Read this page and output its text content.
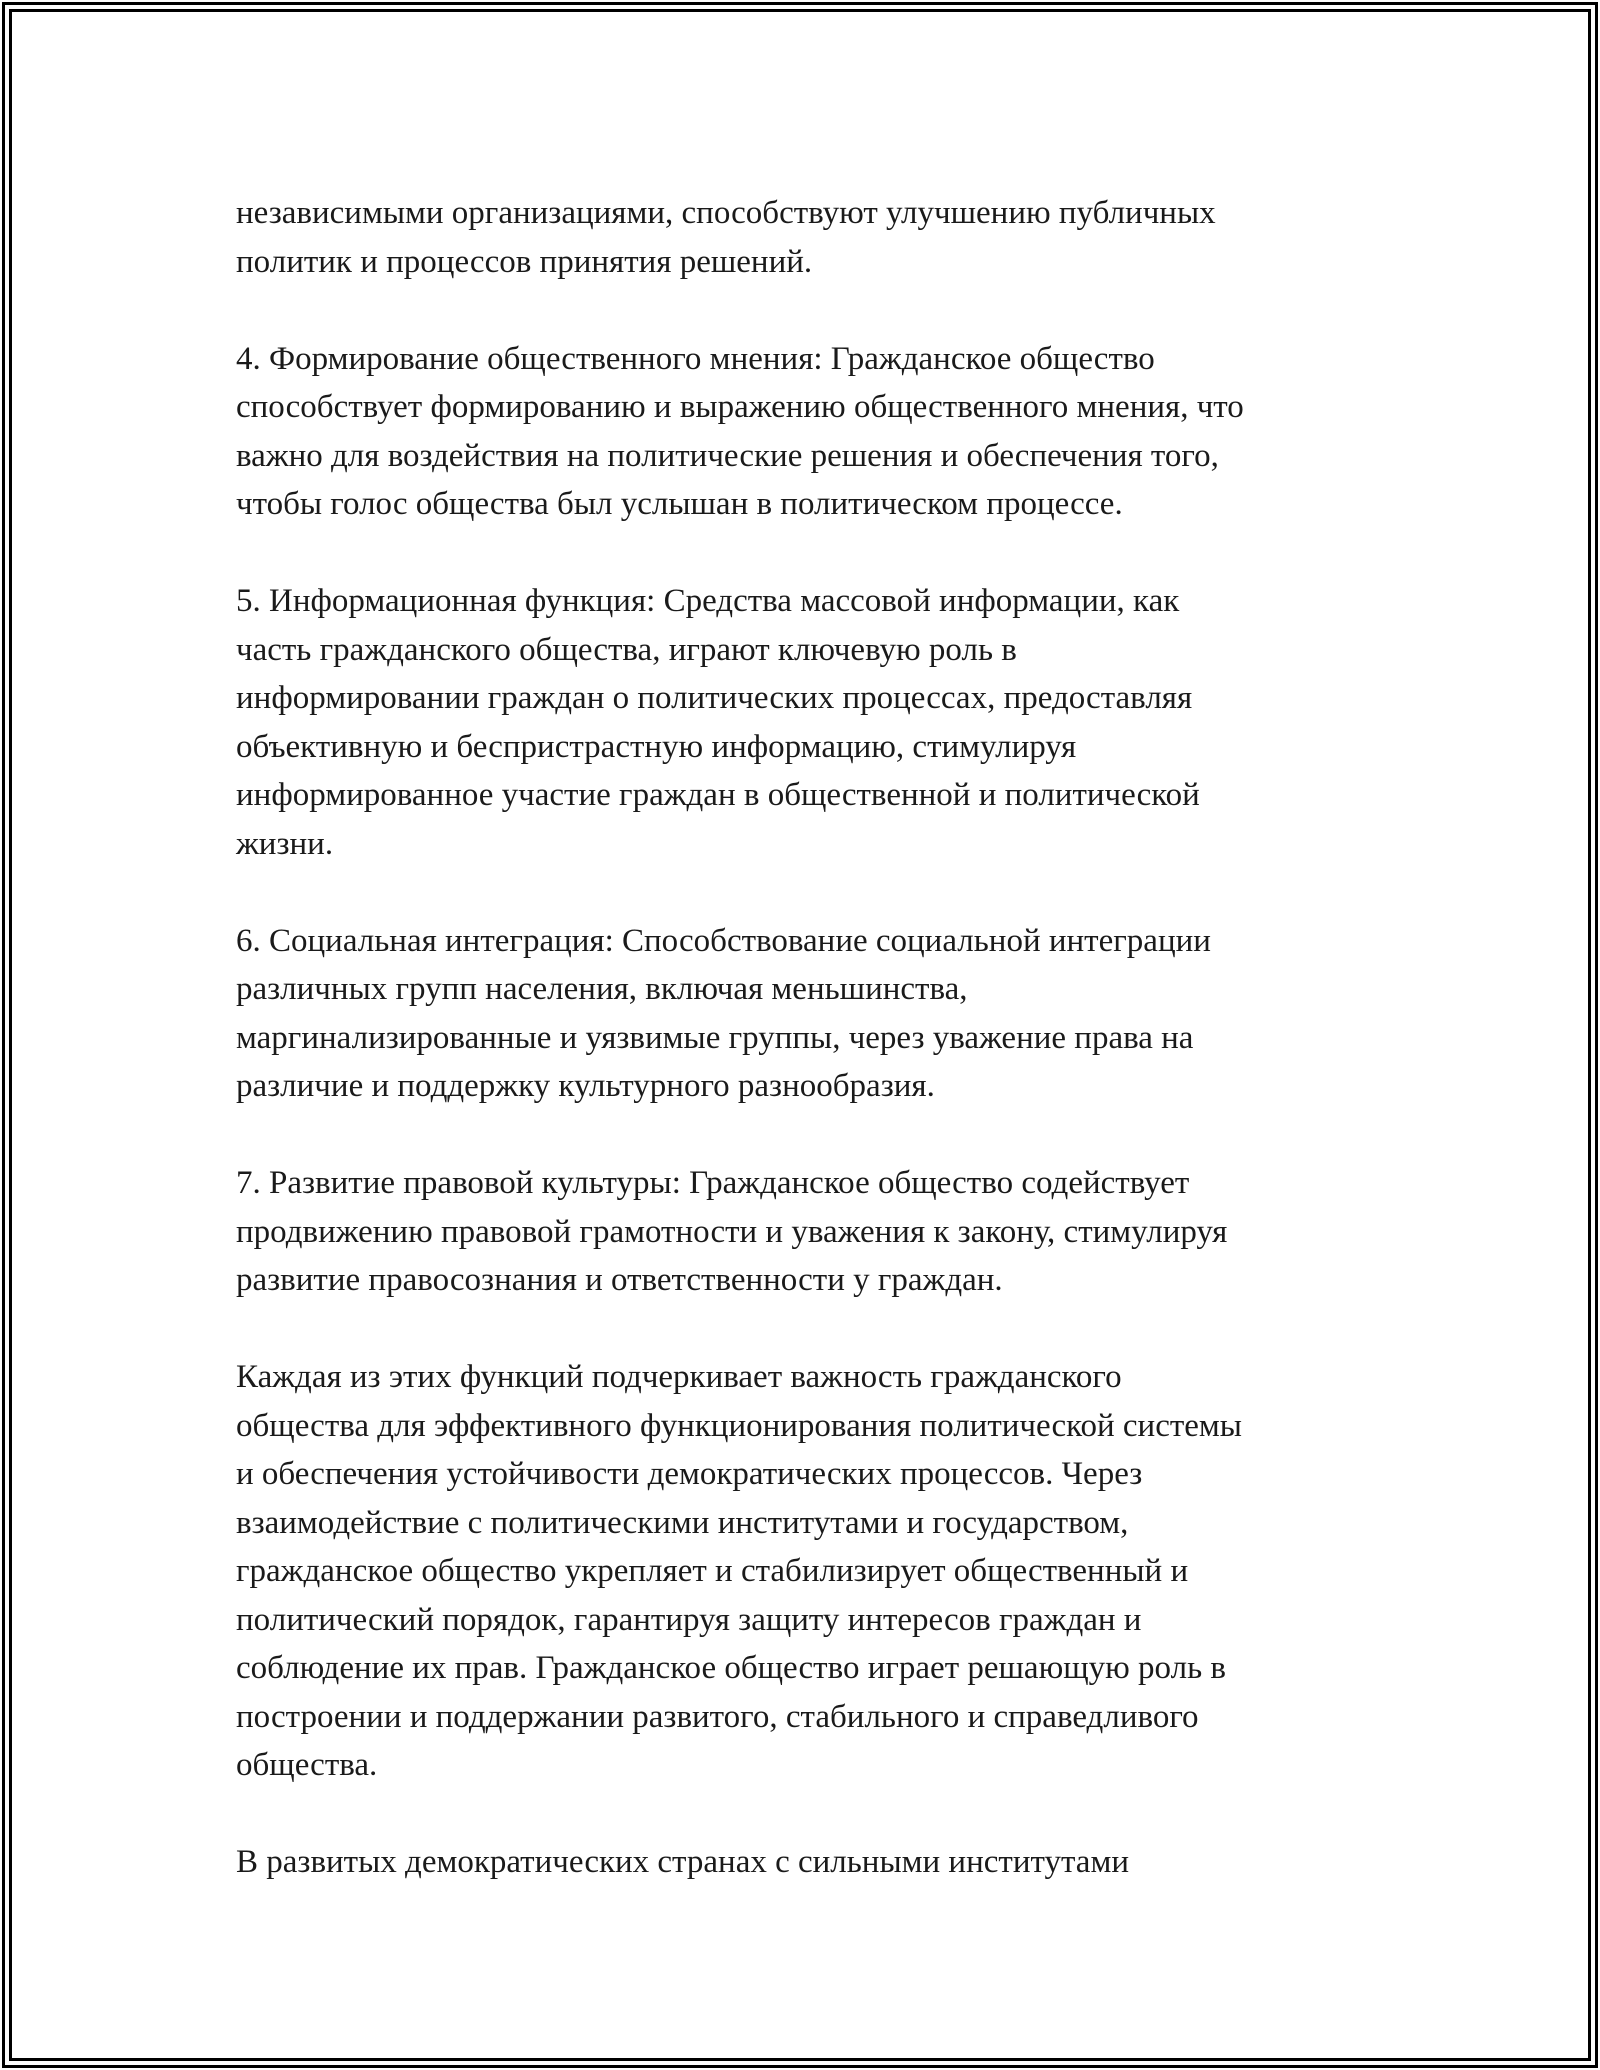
независимыми организациями, способствуют улучшению публичных
политик и процессов принятия решений.

4. Формирование общественного мнения: Гражданское общество
способствует формированию и выражению общественного мнения, что
важно для воздействия на политические решения и обеспечения того,
чтобы голос общества был услышан в политическом процессе.

5. Информационная функция: Средства массовой информации, как
часть гражданского общества, играют ключевую роль в
информировании граждан о политических процессах, предоставляя
объективную и беспристрастную информацию, стимулируя
информированное участие граждан в общественной и политической
жизни.

6. Социальная интеграция: Способствование социальной интеграции
различных групп населения, включая меньшинства,
маргинализированные и уязвимые группы, через уважение права на
различие и поддержку культурного разнообразия.

7. Развитие правовой культуры: Гражданское общество содействует
продвижению правовой грамотности и уважения к закону, стимулируя
развитие правосознания и ответственности у граждан.

Каждая из этих функций подчеркивает важность гражданского
общества для эффективного функционирования политической системы
и обеспечения устойчивости демократических процессов. Через
взаимодействие с политическими институтами и государством,
гражданское общество укрепляет и стабилизирует общественный и
политический порядок, гарантируя защиту интересов граждан и
соблюдение их прав. Гражданское общество играет решающую роль в
построении и поддержании развитого, стабильного и справедливого
общества.

В развитых демократических странах с сильными институтами
